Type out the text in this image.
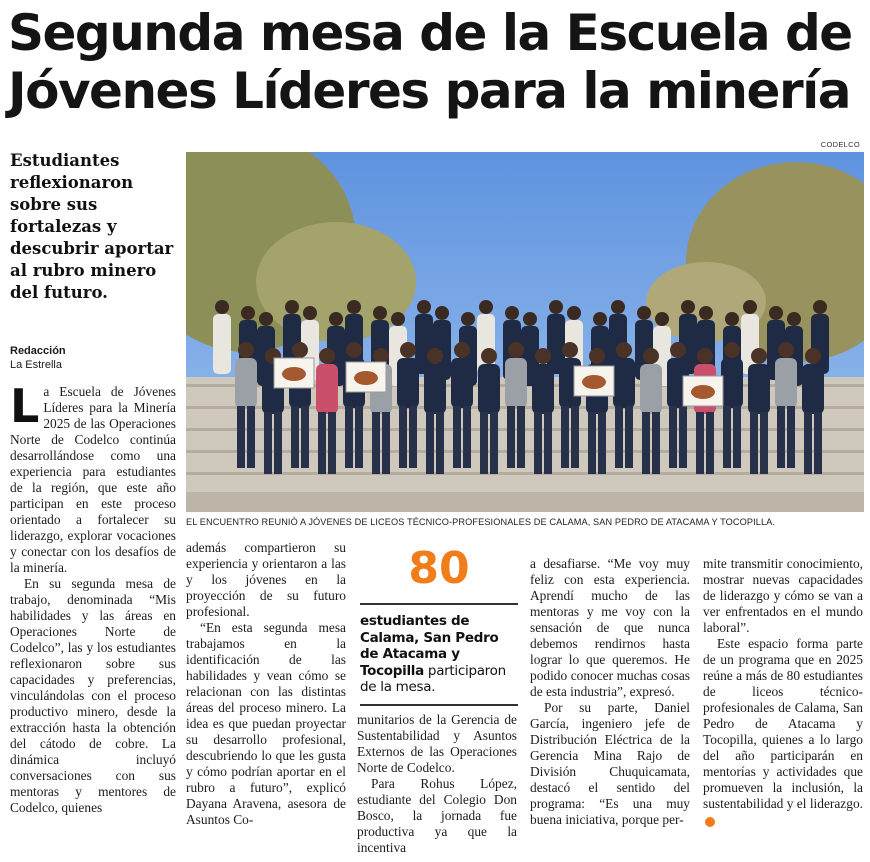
Segunda mesa de la Escuela de Jóvenes Líderes para la minería

Estudiantes reflexionaron sobre sus fortalezas y descubrir aportar al rubro minero del futuro.

Redacción
La Estrella
CODELCO
EL ENCUENTRO REUNIÓ A JÓVENES DE LICEOS TÉCNICO-PROFESIONALES DE CALAMA, SAN PEDRO DE ATACAMA Y TOCOPILLA.

La Escuela de Jóvenes Líderes para la Minería 2025 de las Operaciones Norte de Codelco continúa desarrollándose como una experiencia para estudiantes de la región, que este año participan en este proceso orientado a fortalecer su liderazgo, explorar vocaciones y conectar con los desafíos de la minería.

En su segunda mesa de trabajo, denominada “Mis habilidades y las áreas en Operaciones Norte de Codelco”, las y los estudiantes reflexionaron sobre sus capacidades y preferencias, vinculándolas con el proceso productivo minero, desde la extracción hasta la obtención del cátodo de cobre. La dinámica incluyó conversaciones con sus mentoras y mentores de Codelco, quienes

además compartieron su experiencia y orientaron a las y los jóvenes en la proyección de su futuro profesional.

“En esta segunda mesa trabajamos en la identificación de las habilidades y vean cómo se relacionan con las distintas áreas del proceso minero. La idea es que puedan proyectar su desarrollo profesional, descubriendo lo que les gusta y cómo podrían aportar en el rubro a futuro”, explicó Dayana Aravena, asesora de Asuntos Co-

80
estudiantes de Calama, San Pedro de Atacama y Tocopilla participaron de la mesa.

munitarios de la Gerencia de Sustentabilidad y Asuntos Externos de las Operaciones Norte de Codelco.

Para Rohus López, estudiante del Colegio Don Bosco, la jornada fue productiva ya que la incentiva

a desafiarse. “Me voy muy feliz con esta experiencia. Aprendí mucho de las mentoras y me voy con la sensación de que nunca debemos rendirnos hasta lograr lo que queremos. He podido conocer muchas cosas de esta industria”, expresó.

Por su parte, Daniel García, ingeniero jefe de Distribución Eléctrica de la Gerencia Mina Rajo de División Chuquicamata, destacó el sentido del programa: “Es una muy buena iniciativa, porque per-

mite transmitir conocimiento, mostrar nuevas capacidades de liderazgo y cómo se van a ver enfrentados en el mundo laboral”.

Este espacio forma parte de un programa que en 2025 reúne a más de 80 estudiantes de liceos técnico-profesionales de Calama, San Pedro de Atacama y Tocopilla, quienes a lo largo del año participarán en mentorías y actividades que promueven la inclusión, la sustentabilidad y el liderazgo. ✪
